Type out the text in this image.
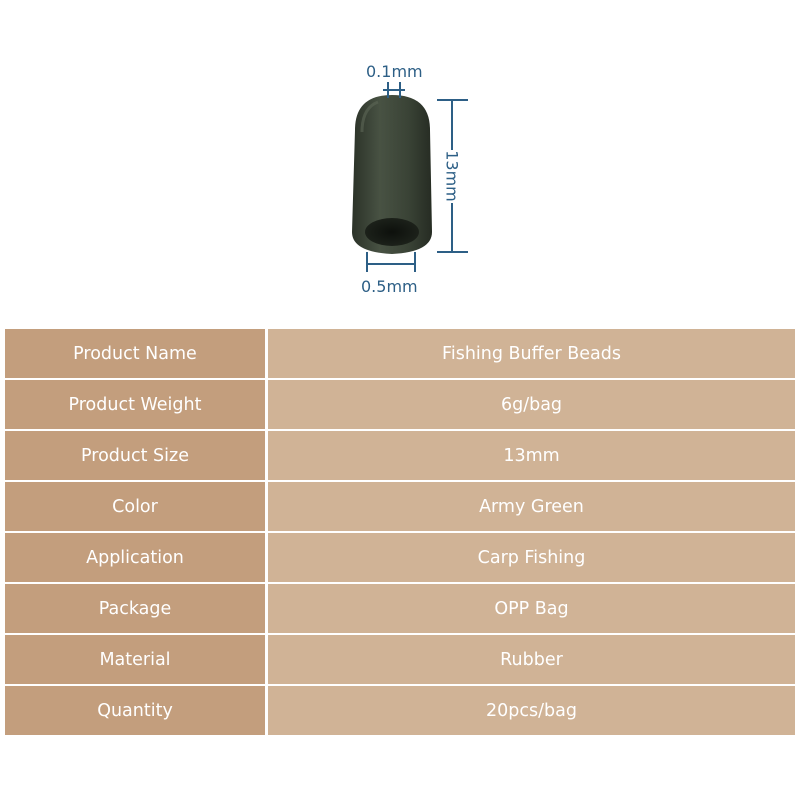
0.1mm
13mm
0.5mm
Product Name	Fishing Buffer Beads
Product Weight	6g/bag
Product Size	13mm
Color	Army Green
Application	Carp Fishing
Package	OPP Bag
Material	Rubber
Quantity	20pcs/bag
